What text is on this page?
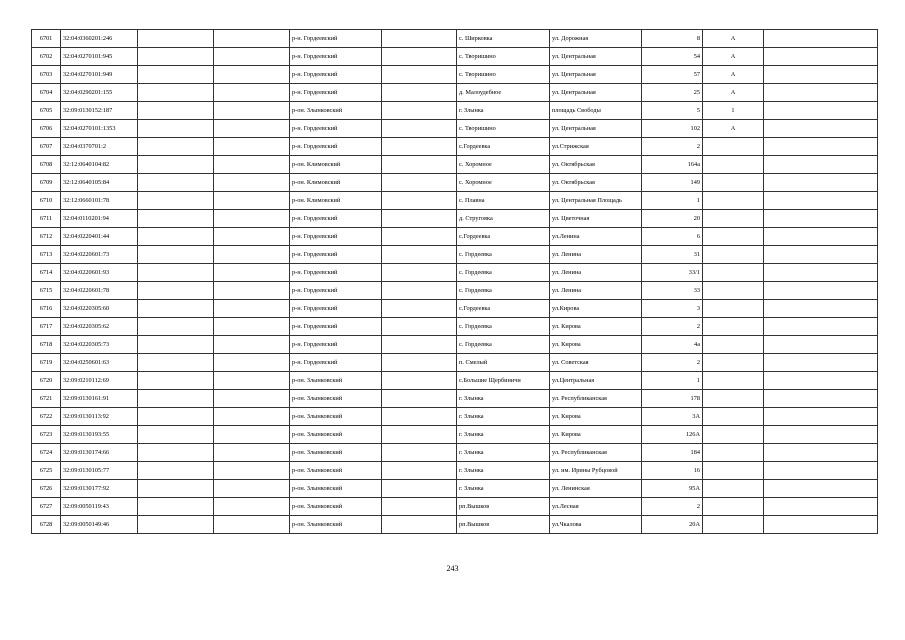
6701	32:04:0360201:246			р-н. Гордеевский		с. Ширковка	ул. Дорожная	8	А	
6702	32:04:0270101:945			р-н. Гордеевский		с. Творишино	ул. Центральная	54	А	
6703	32:04:0270101:949			р-н. Гордеевский		с. Творишино	ул. Центральная	57	А	
6704	32:04:0290201:155			р-н. Гордеевский		д. Малоудебное	ул. Центральная	25	А	
6705	32:09:0130152:187			р-он. Злынковский		г. Злынка	площадь Свободы	5	1	
6706	32:04:0270101:1353			р-н. Гордеевский		с. Творишино	ул. Центральная	102	А	
6707	32:04:0370701:2			р-н. Гордеевский		с.Гордеевка	ул.Стрижская	2		
6708	32:12:0640104:82			р-он. Климовский		с. Хоромное	ул. Октябрьская	164а		
6709	32:12:0640105:84			р-он. Климовский		с. Хоромное	ул. Октябрьская	149		
6710	32:12:0660101:78			р-он. Климовский		с. Плавна	ул. Центральная Площадь	1		
6711	32:04:0110201:94			р-н. Гордеевский		д. Струговка	ул. Цветочная	20		
6712	32:04:0220401:44			р-н. Гордеевский		с.Гордеевка	ул.Ленина	6		
6713	32:04:0220601:73			р-н. Гордеевский		с. Гордеевка	ул. Ленина	31		
6714	32:04:0220601:93			р-н. Гордеевский		с. Гордеевка	ул. Ленина	33/1		
6715	32:04:0220601:78			р-н. Гордеевский		с. Гордеевка	ул. Ленина	33		
6716	32:04:0220305:60			р-н. Гордеевский		с.Гордеевка	ул.Кирова	3		
6717	32:04:0220305:62			р-н. Гордеевский		с. Гордеевка	ул. Кирова	2		
6718	32:04:0220305:73			р-н. Гордеевский		с. Гордеевка	ул. Кирова	4а		
6719	32:04:0250601:63			р-н. Гордеевский		п. Смелый	ул. Советская	2		
6720	32:09:0210112:69			р-он. Злынковский		с.Большие Щербиничи	ул.Центральная	1		
6721	32:09:0130161:91			р-он. Злынковский		г. Злынка	ул. Республиканская	178		
6722	32:09:0130113:92			р-он. Злынковский		г. Злынка	ул. Кирова	3А		
6723	32:09:0130193:55			р-он. Злынковский		г. Злынка	ул. Кирова	126А		
6724	32:09:0130174:66			р-он. Злынковский		г. Злынка	ул. Республиканская	184		
6725	32:09:0130105:77			р-он. Злынковский		г. Злынка	ул. им. Ирины Рубцовой	16		
6726	32:09:0130177:92			р-он. Злынковский		г. Злынка	ул. Ленинская	95А		
6727	32:09:0050119:43			р-он. Злынковский		рп.Вышков	ул.Лесная	2		
6728	32:09:0050149:46			р-он. Злынковский		рп.Вышков	ул.Чкалова	20А		
243
